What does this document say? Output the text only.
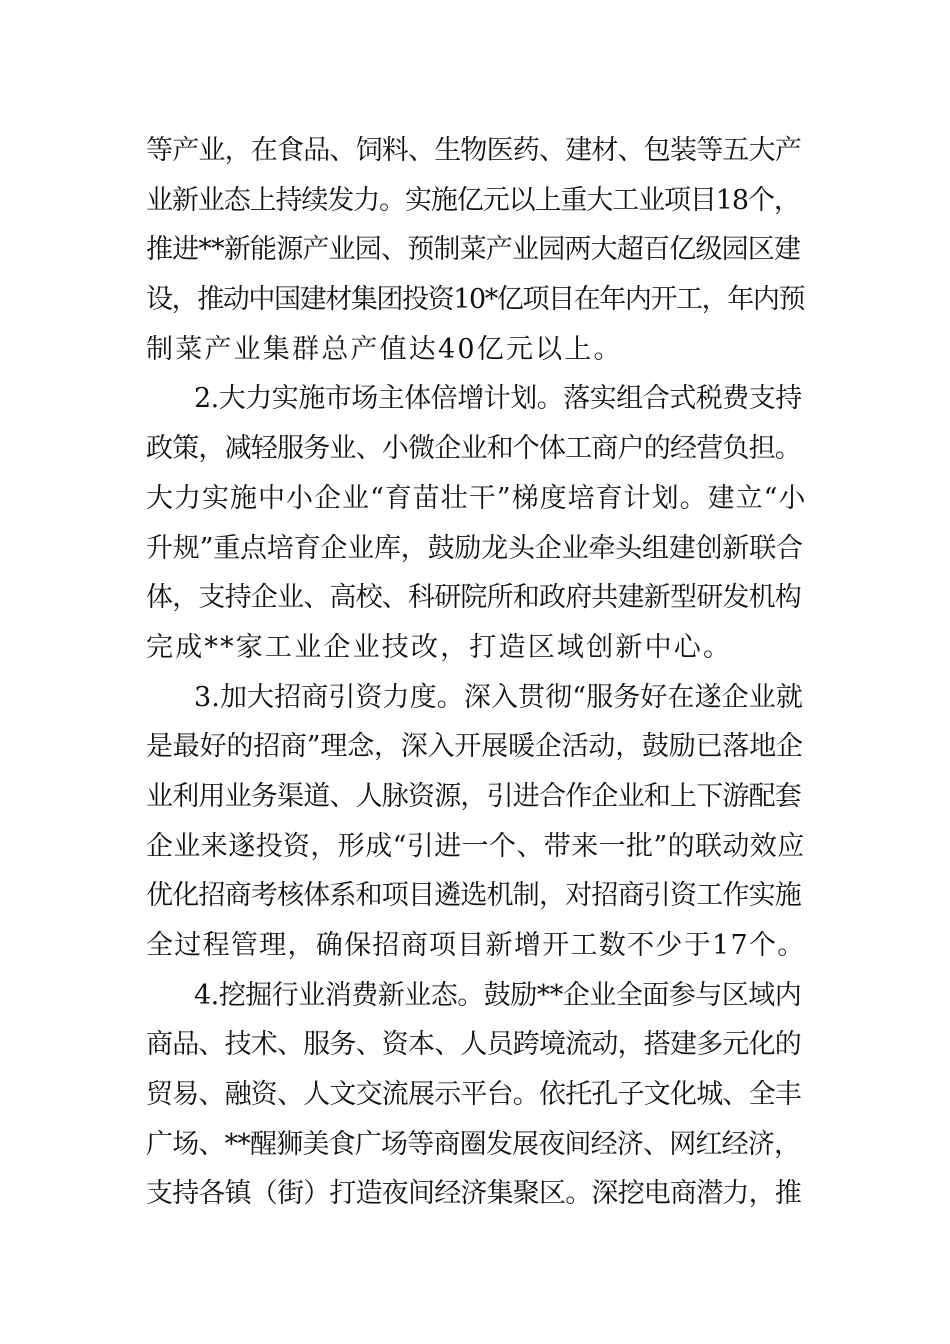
等产业，在食品、饲料、生物医药、建材、包装等五大产
业新业态上持续发力。实施亿元以上重大工业项目18个，
推进**新能源产业园、预制菜产业园两大超百亿级园区建
设，推动中国建材集团投资10*亿项目在年内开工，年内预
制菜产业集群总产值达40亿元以上。
2.大力实施市场主体倍增计划。落实组合式税费支持
政策，减轻服务业、小微企业和个体工商户的经营负担。
大力实施中小企业“育苗壮干”梯度培育计划。建立“小
升规”重点培育企业库，鼓励龙头企业牵头组建创新联合
体，支持企业、高校、科研院所和政府共建新型研发机构
完成**家工业企业技改，打造区域创新中心。
3.加大招商引资力度。深入贯彻“服务好在遂企业就
是最好的招商”理念，深入开展暖企活动，鼓励已落地企
业利用业务渠道、人脉资源，引进合作企业和上下游配套
企业来遂投资，形成“引进一个、带来一批”的联动效应
优化招商考核体系和项目遴选机制，对招商引资工作实施
全过程管理，确保招商项目新增开工数不少于17个。
4.挖掘行业消费新业态。鼓励**企业全面参与区域内
商品、技术、服务、资本、人员跨境流动，搭建多元化的
贸易、融资、人文交流展示平台。依托孔子文化城、全丰
广场、**醒狮美食广场等商圈发展夜间经济、网红经济，
支持各镇（街）打造夜间经济集聚区。深挖电商潜力，推
